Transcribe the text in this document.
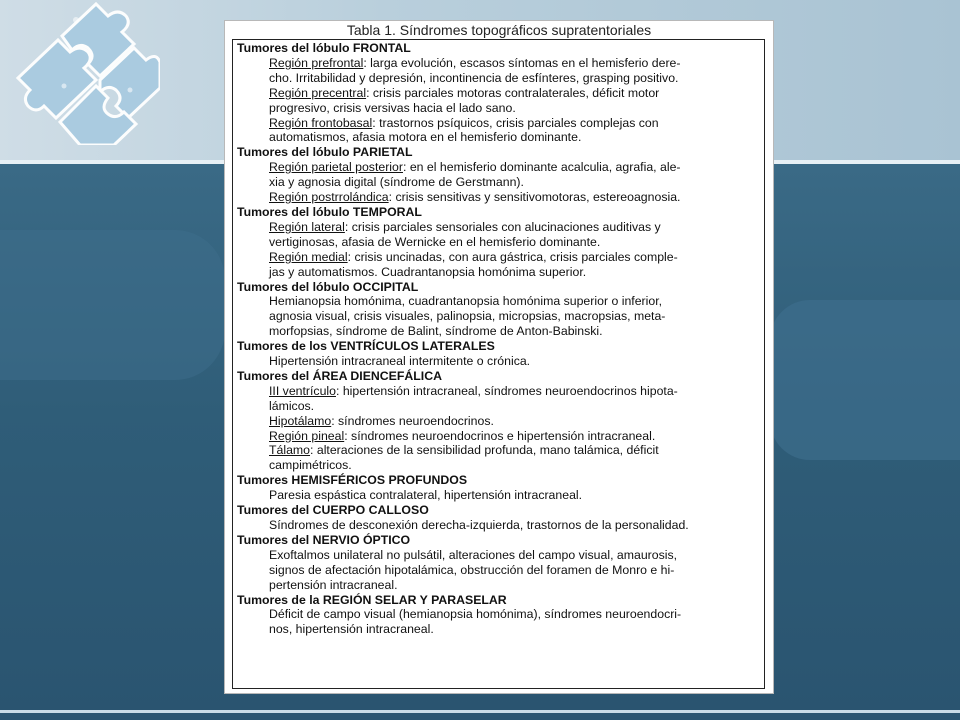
Tabla 1. Síndromes topográficos supratentoriales
Tumores del lóbulo FRONTAL
Región prefrontal: larga evolución, escasos síntomas en el hemisferio dere-
cho. Irritabilidad y depresión, incontinencia de esfínteres, grasping positivo.
Región precentral: crisis parciales motoras contralaterales, déficit motor
progresivo, crisis versivas hacia el lado sano.
Región frontobasal: trastornos psíquicos, crisis parciales complejas con
automatismos, afasia motora en el hemisferio dominante.
Tumores del lóbulo PARIETAL
Región parietal posterior: en el hemisferio dominante acalculia, agrafia, ale-
xia y agnosia digital (síndrome de Gerstmann).
Región postrrolándica: crisis sensitivas y sensitivomotoras, estereoagnosia.
Tumores del lóbulo TEMPORAL
Región lateral: crisis parciales sensoriales con alucinaciones auditivas y
vertiginosas, afasia de Wernicke en el hemisferio dominante.
Región medial: crisis uncinadas, con aura gástrica, crisis parciales comple-
jas y automatismos. Cuadrantanopsia homónima superior.
Tumores del lóbulo OCCIPITAL
Hemianopsia homónima, cuadrantanopsia homónima superior o inferior,
agnosia visual, crisis visuales, palinopsia, micropsias, macropsias, meta-
morfopsias, síndrome de Balint, síndrome de Anton-Babinski.
Tumores de los VENTRÍCULOS LATERALES
Hipertensión intracraneal intermitente o crónica.
Tumores del ÁREA DIENCEFÁLICA
III ventrículo: hipertensión intracraneal, síndromes neuroendocrinos hipota-
lámicos.
Hipotálamo: síndromes neuroendocrinos.
Región pineal: síndromes neuroendocrinos e hipertensión intracraneal.
Tálamo: alteraciones de la sensibilidad profunda, mano talámica, déficit
campimétricos.
Tumores HEMISFÉRICOS PROFUNDOS
Paresia espástica contralateral, hipertensión intracraneal.
Tumores del CUERPO CALLOSO
Síndromes de desconexión derecha-izquierda, trastornos de la personalidad.
Tumores del NERVIO ÓPTICO
Exoftalmos unilateral no pulsátil, alteraciones del campo visual, amaurosis,
signos de afectación hipotalámica, obstrucción del foramen de Monro e hi-
pertensión intracraneal.
Tumores de la REGIÓN SELAR Y PARASELAR
Déficit de campo visual (hemianopsia homónima), síndromes neuroendocri-
nos, hipertensión intracraneal.
